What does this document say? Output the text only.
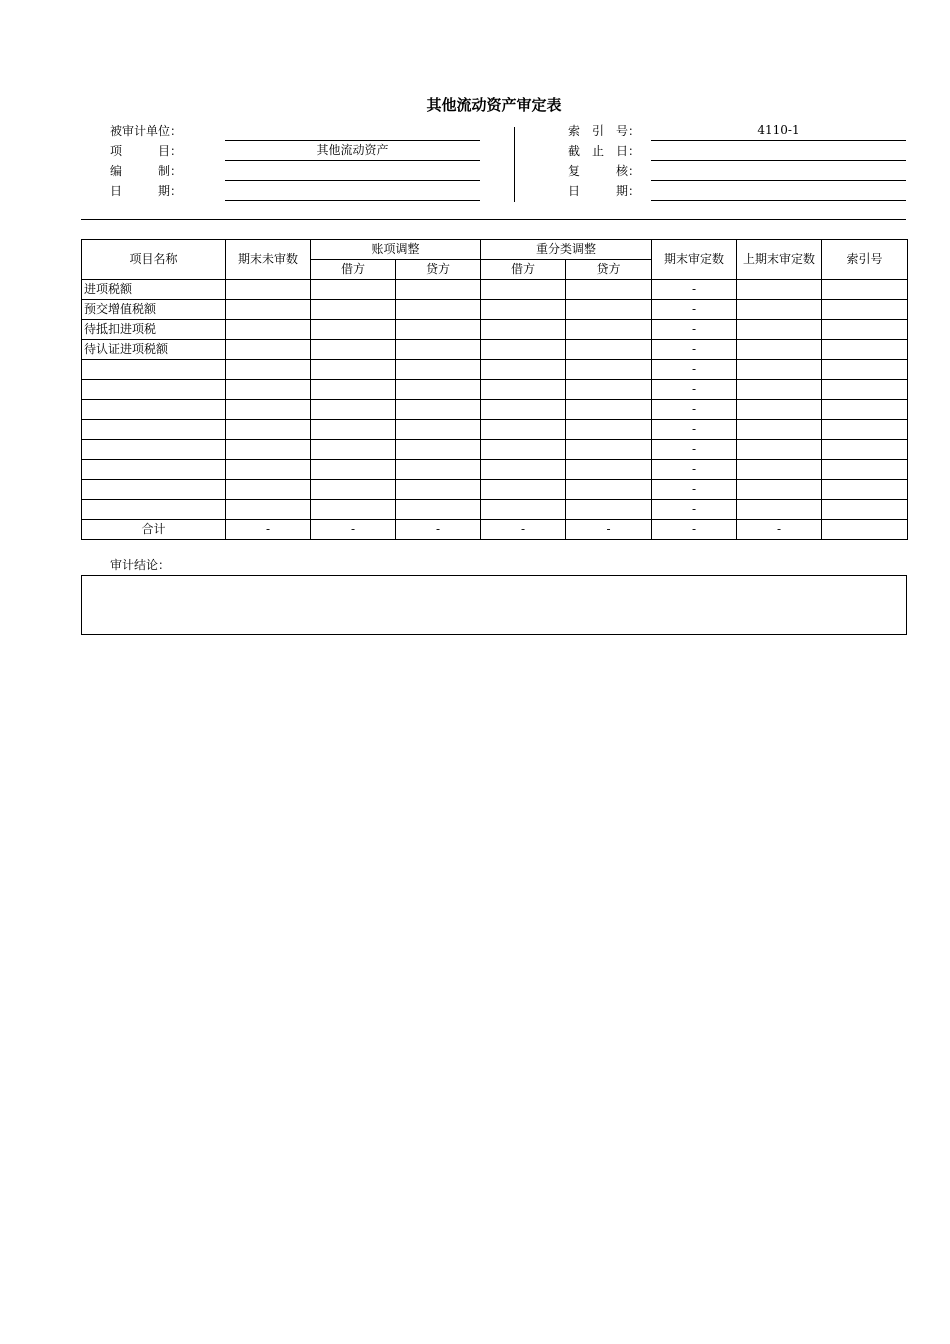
其他流动资产审定表
被审计单位：
项　　　目：	其他流动资产
编　　　制：
日　　　期：
索　引　号：	4110-1
截　止　日：
复　　　核：
日　　　期：
项目名称	期末未审数	账项调整		重分类调整		期末审定数	上期末审定数	索引号
		借方	贷方	借方	贷方			
进项税额						-		
预交增值税额						-		
待抵扣进项税						-		
待认证进项税额						-		
						-		
						-		
						-		
						-		
						-		
						-		
						-		
						-		
合计	-	-	-	-	-	-	-	
审计结论：
